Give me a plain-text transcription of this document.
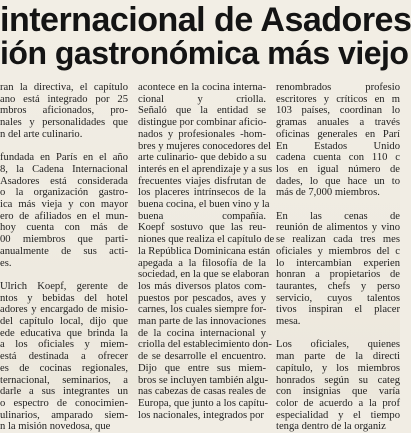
internacional de Asadores
ión gastronómica más viejo
ran la directiva, el capítulo
ano está integrado por 25
mbros aficionados, pro-
nales y personalidades que
n del arte culinario.
fundada en París en el año
8, la Cadena Internacional
Asadores está considerada
o la organización gastro-
ica más vieja y con mayor
ero de afiliados en el mun-
hoy cuenta con más de
00 miembros que parti-
anualmente de sus acti-
es.
Ulrich Koepf, gerente de
ntos y bebidas del hotel
adores y encargado de misio-
del capítulo local, dijo que
ede educativa que brinda la
a los oficiales y miem-
está destinada a ofrecer
es de cocinas regionales,
ternacional, seminarios, a
darle a sus integrantes un
o espectro de conocimien-
ulinarios, amparado siem-
n la misión novedosa, que
acontece en la cocina interna-
cional y criolla.
Señaló que la entidad se
distingue por combinar aficio-
nados y profesionales -hom-
bres y mujeres conocedores del
arte culinario- que debido a su
interés en el aprendizaje y a sus
frecuentes viajes disfrutan de
los placeres intrínsecos de la
buena cocina, el buen vino y la
buena compañía.
Koepf sostuvo que las reu-
niones que realiza el capítulo de
la República Dominicana están
apegada a la filosofía de la
sociedad, en la que se elaboran
los más diversos platos com-
puestos por pescados, aves y
carnes, los cuales siempre for-
man parte de las innovaciones
de la cocina internacional y
criolla del establecimiento don-
de se desarrolle el encuentro.
Dijo que entre sus miem-
bros se incluyen también algu-
nas cabezas de casas reales de
Europa, que junto a los capítu-
los nacionales, integrados por
renombrados profesio
escritores y críticos en m
103 países, coordinan lo
gramas anuales a través
oficinas generales en Parí
En Estados Unido
cadena cuenta con 110 c
los en igual número de
dades, lo que hace un to
más de 7,000 miembros.
En las cenas de
reunión de alimentos y vino
se realizan cada tres mes
oficiales y miembros del c
lo intercambian experien
honran a propietarios de
taurantes, chefs y perso
servicio, cuyos talentos
tivos inspiran el placer
mesa.
Los oficiales, quienes
man parte de la directi
capítulo, y los miembros
honrados según su categ
con insignias que varía
color de acuerdo a la prof
especialidad y el tiempo
tenga dentro de la organiz
